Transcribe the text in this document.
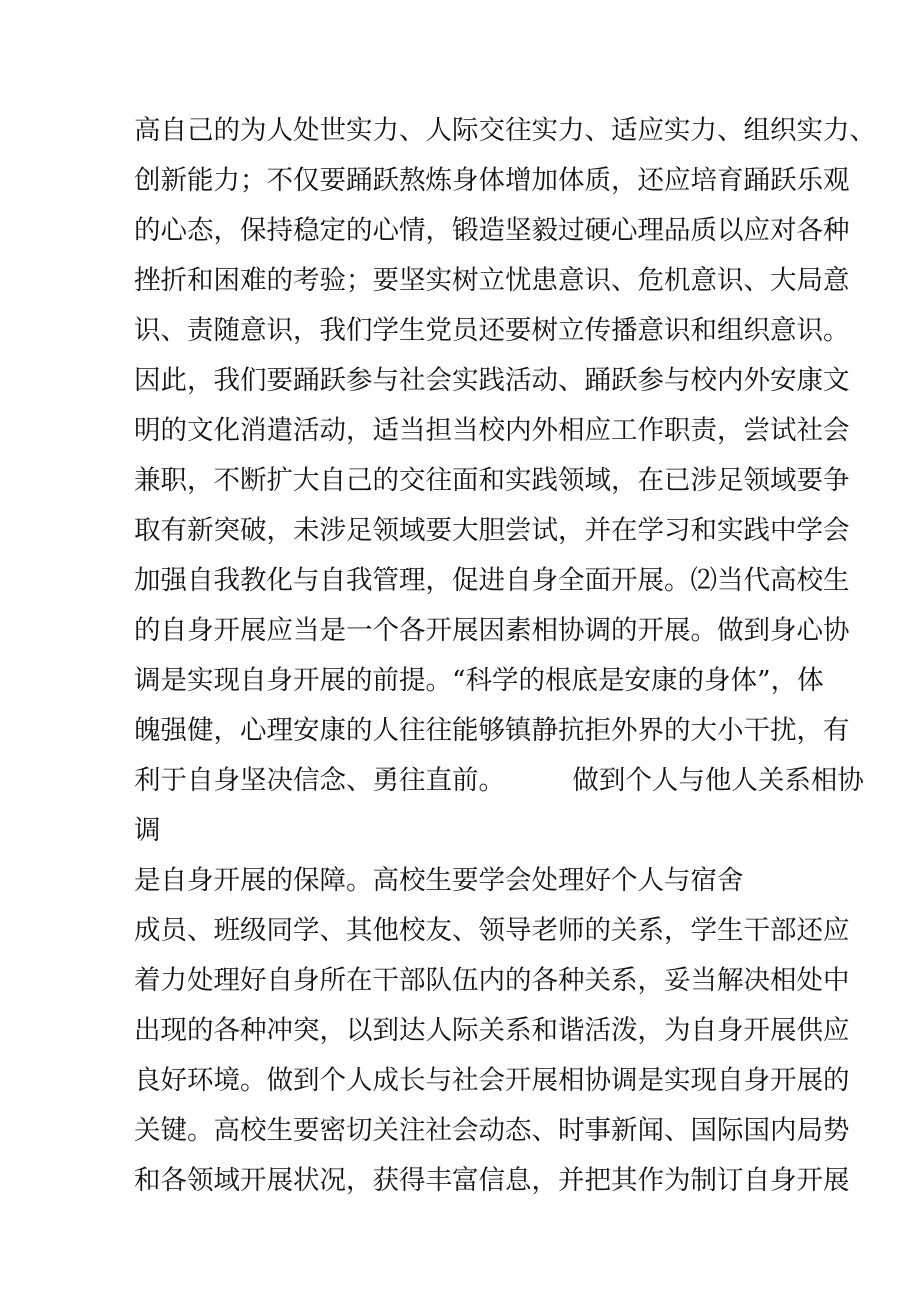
高自己的为人处世实力、人际交往实力、适应实力、组织实力、
创新能力；不仅要踊跃熬炼身体增加体质，还应培育踊跃乐观
的心态，保持稳定的心情，锻造坚毅过硬心理品质以应对各种
挫折和困难的考验；要坚实树立忧患意识、危机意识、大局意
识、责随意识，我们学生党员还要树立传播意识和组织意识。
因此，我们要踊跃参与社会实践活动、踊跃参与校内外安康文
明的文化消遣活动，适当担当校内外相应工作职责，尝试社会
兼职，不断扩大自己的交往面和实践领域，在已涉足领域要争
取有新突破，未涉足领域要大胆尝试，并在学习和实践中学会
加强自我教化与自我管理，促进自身全面开展。⑵当代高校生
的自身开展应当是一个各开展因素相协调的开展。做到身心协
调是实现自身开展的前提。“科学的根底是安康的身体”，体
魄强健，心理安康的人往往能够镇静抗拒外界的大小干扰，有
利于自身坚决信念、勇往直前。        做到个人与他人关系相协
调
是自身开展的保障。高校生要学会处理好个人与宿舍
成员、班级同学、其他校友、领导老师的关系，学生干部还应
着力处理好自身所在干部队伍内的各种关系，妥当解决相处中
出现的各种冲突，以到达人际关系和谐活泼，为自身开展供应
良好环境。做到个人成长与社会开展相协调是实现自身开展的
关键。高校生要密切关注社会动态、时事新闻、国际国内局势
和各领域开展状况，获得丰富信息，并把其作为制订自身开展
